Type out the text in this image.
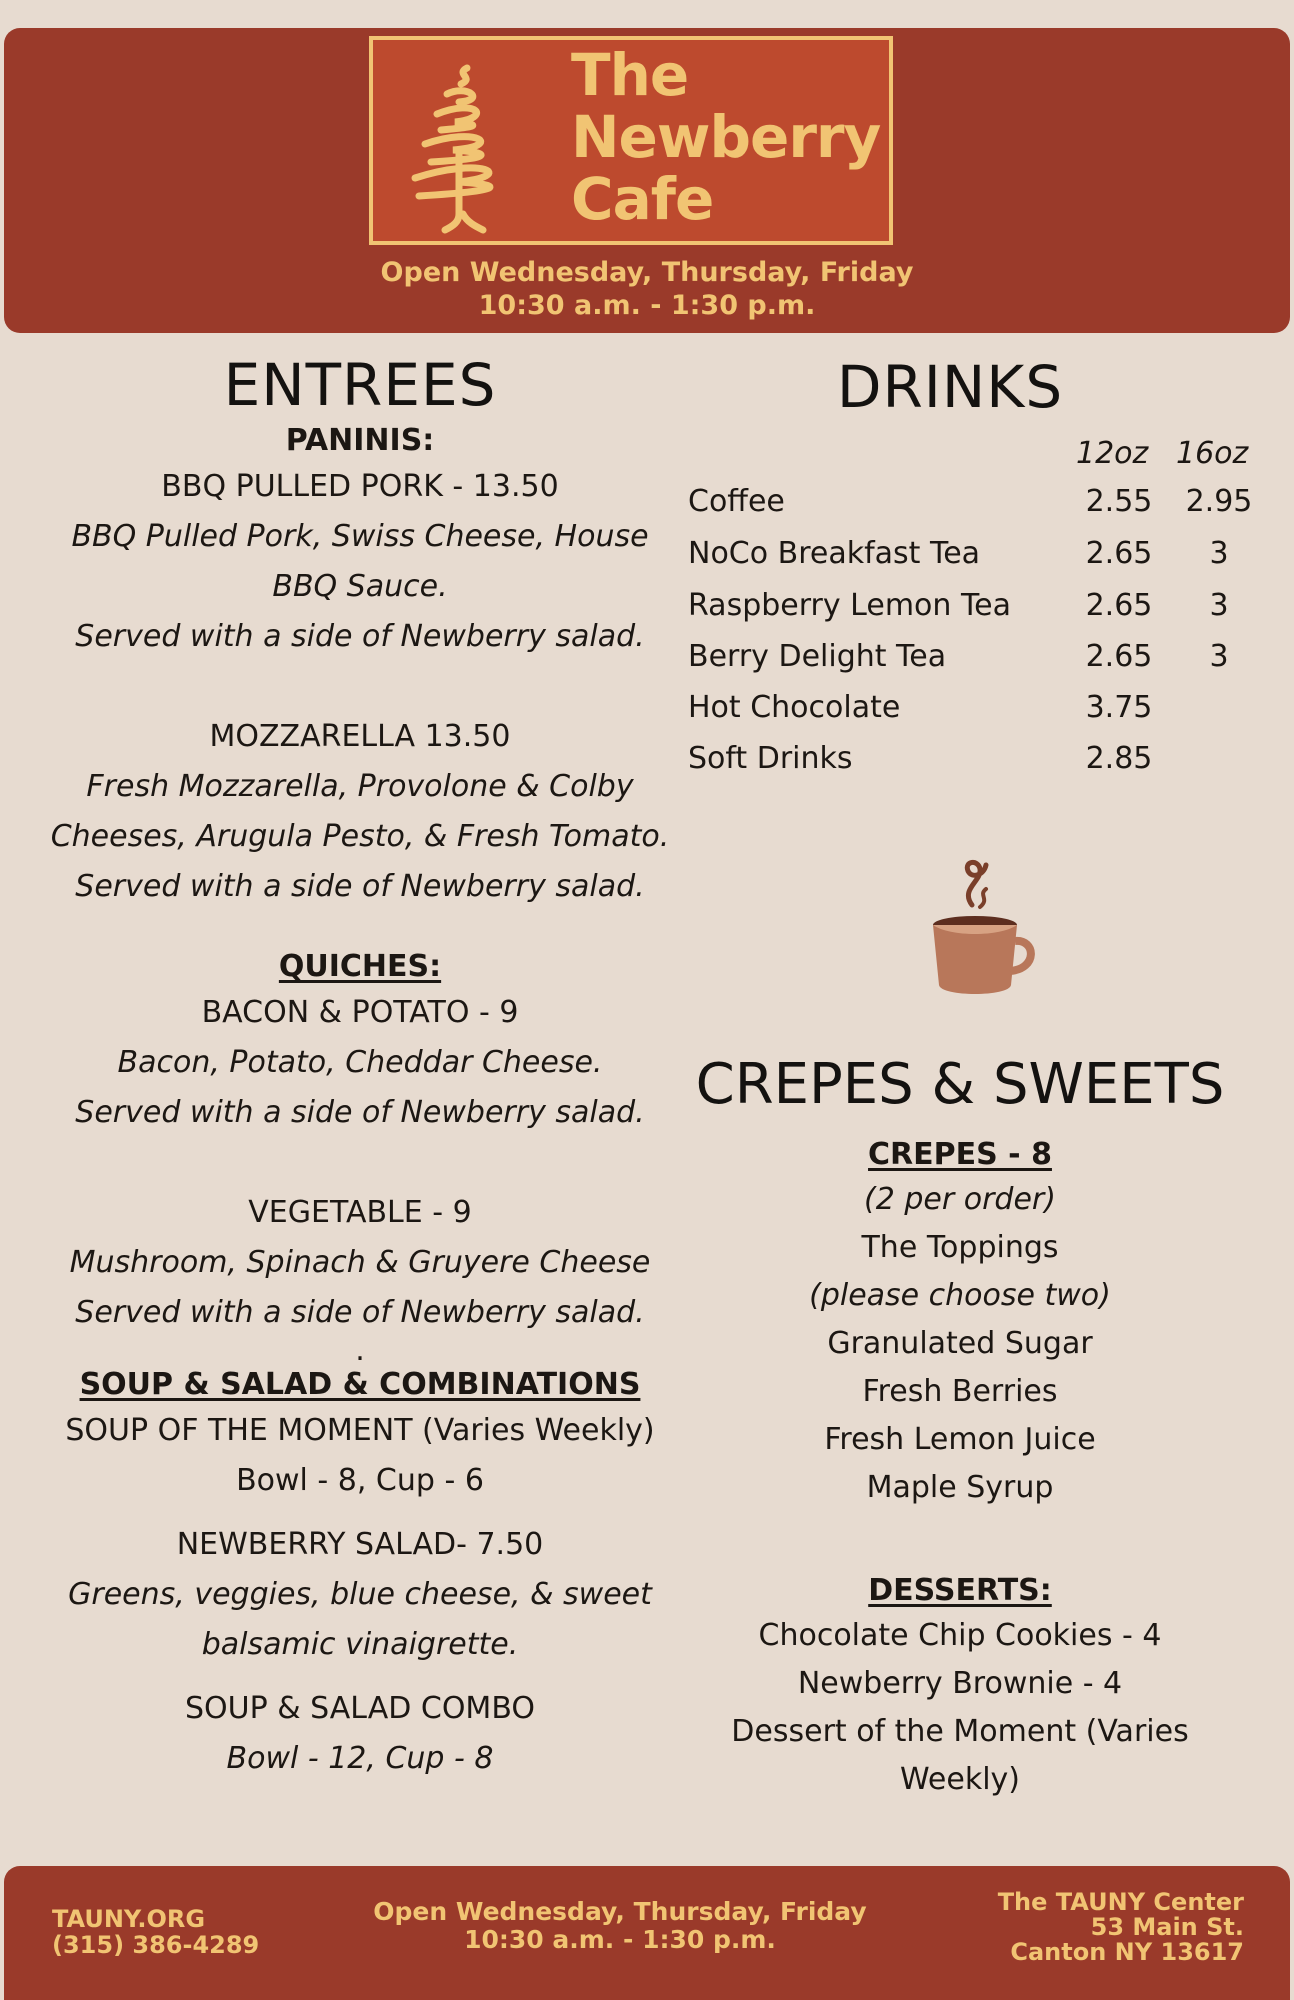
The
Newberry
Cafe
Open Wednesday, Thursday, Friday
10:30 a.m. - 1:30 p.m.
ENTREES
PANINIS:
BBQ PULLED PORK - 13.50
BBQ Pulled Pork, Swiss Cheese, House
BBQ Sauce.
Served with a side of Newberry salad.
MOZZARELLA 13.50
Fresh Mozzarella, Provolone & Colby
Cheeses, Arugula Pesto, & Fresh Tomato.
Served with a side of Newberry salad.
QUICHES:
BACON & POTATO - 9
Bacon, Potato, Cheddar Cheese.
Served with a side of Newberry salad.
VEGETABLE - 9
Mushroom, Spinach & Gruyere Cheese
Served with a side of Newberry salad.
.
SOUP & SALAD & COMBINATIONS
SOUP OF THE MOMENT (Varies Weekly)
Bowl - 8, Cup - 6
NEWBERRY SALAD- 7.50
Greens, veggies, blue cheese, & sweet
balsamic vinaigrette.
SOUP & SALAD COMBO
Bowl - 12, Cup - 8
DRINKS
12oz 16oz
Coffee	2.55	2.95
NoCo Breakfast Tea	2.65	3
Raspberry Lemon Tea	2.65	3
Berry Delight Tea	2.65	3
Hot Chocolate	3.75
Soft Drinks	2.85
CREPES & SWEETS
CREPES - 8
(2 per order)
The Toppings
(please choose two)
Granulated Sugar
Fresh Berries
Fresh Lemon Juice
Maple Syrup
DESSERTS:
Chocolate Chip Cookies - 4
Newberry Brownie - 4
Dessert of the Moment (Varies Weekly)
TAUNY.ORG
(315) 386-4289
Open Wednesday, Thursday, Friday
10:30 a.m. - 1:30 p.m.
The TAUNY Center
53 Main St.
Canton NY 13617
